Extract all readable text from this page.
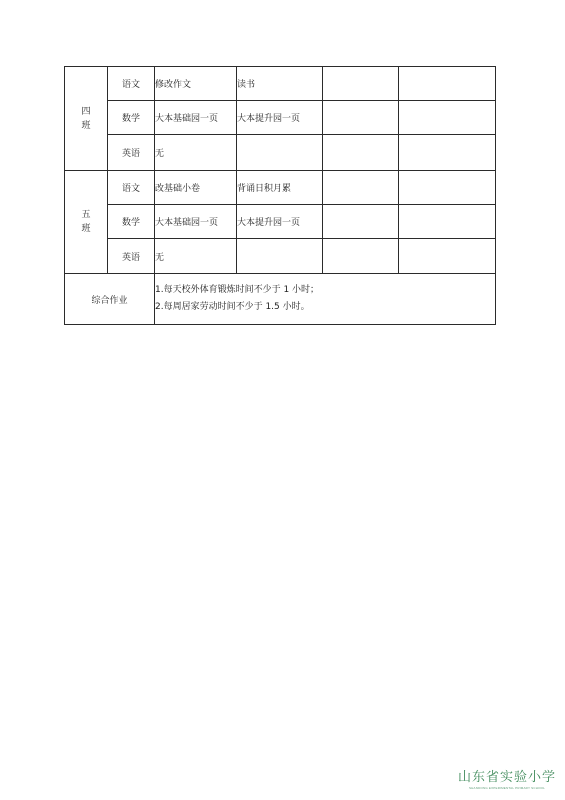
四班	语文	修改作文	读书		
	数学	大本基础园一页	大本提升园一页		
	英语	无			
五班	语文	改基础小卷	背诵日积月累		
	数学	大本基础园一页	大本提升园一页		
	英语	无			
综合作业		1.每天校外体育锻炼时间不少于 1 小时；
2.每周居家劳动时间不少于 1.5 小时。			
山东省实验小学
SHANDONG EXPERIMENTAL PRIMARY SCHOOL
